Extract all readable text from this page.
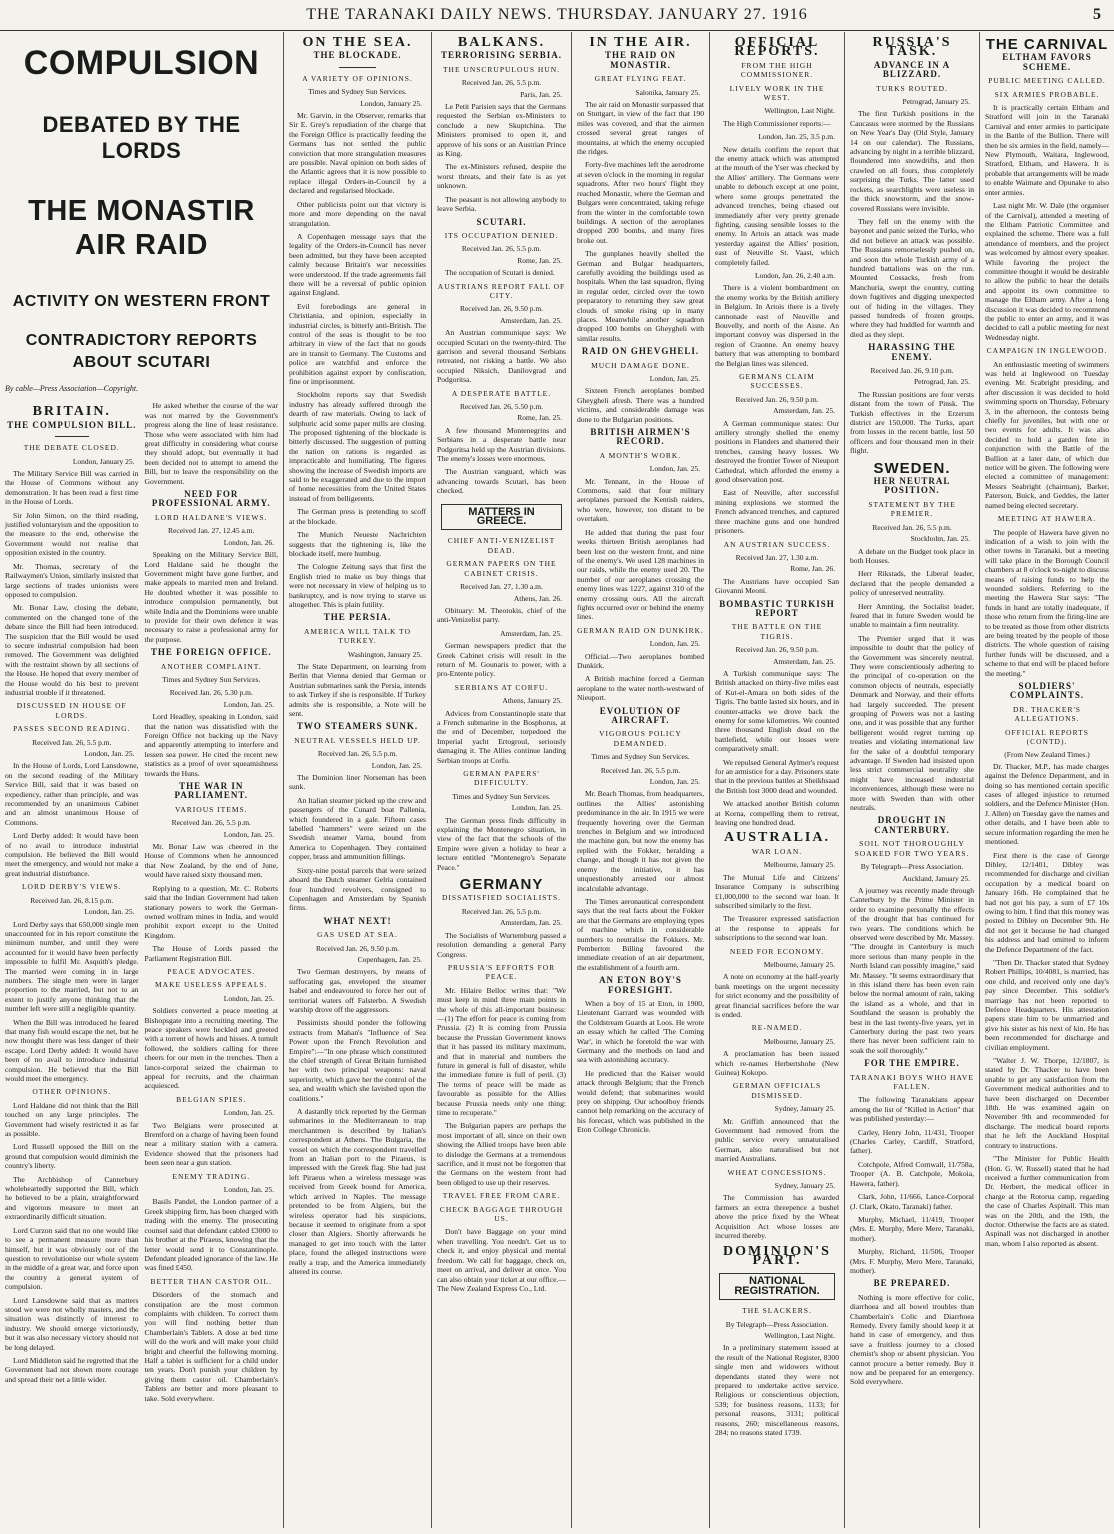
THE TARANAKI DAILY NEWS. THURSDAY. JANUARY 27. 1916	5
COMPULSION
DEBATED BY THE LORDS
THE MONASTIR AIR RAID
ACTIVITY ON WESTERN FRONT
CONTRADICTORY REPORTS ABOUT SCUTARI
By cable—Press Association—Copyright.
BRITAIN.
THE COMPULSION BILL.
THE DEBATE CLOSED.
London, January 25.

The Military Service Bill was carried in the House of Commons without any demonstration. It has been read a first time in the House of Lords.

Sir John Simon, on the third reading, justified voluntaryism and the opposition to the measure to the end, otherwise the Government would not realise that opposition existed in the country.

Mr. Thomas, secretary of the Railwaymen's Union, similarly insisted that large sections of trades unionists were opposed to compulsion.

Mr. Bonar Law, closing the debate, commented on the changed tone of the debate since the Bill had been introduced. The suspicion that the Bill would be used to secure industrial compulsion had been removed. The Government was delighted with the restraint shown by all sections of the House. He hoped that every member of the House would do his best to prevent industrial trouble if it threatened.

DISCUSSED IN HOUSE OF LORDS.
PASSES SECOND READING.
Received Jan. 26, 5.5 p.m.
London, Jan. 25.

In the House of Lords, Lord Lansdowne, on the second reading of the Military Service Bill, said that it was based on expediency, rather than principle, and was recommended by an unanimous Cabinet and an almost unanimous House of Commons.

Lord Derby added: It would have been of no avail to introduce industrial compulsion. He believed the Bill would meet the emergency, and would not make a great industrial disturbance.

LORD DERBY'S VIEWS.
Received Jan. 26, 8.15 p.m.
London, Jan. 25.

Lord Derby says that 650,000 single men unaccounted for in his report constitute the minimum number, and until they were accounted for it would have been perfectly impossible to fulfil Mr. Asquith's pledge. The married were coming in in large numbers. The single men were in larger proportion to the married, but not to an extent to justify anyone thinking that the number left were still a negligible quantity.

When the Bill was introduced he feared that many fish would escape the net, but he now thought there was less danger of their escape. Lord Derby added: It would have been of no avail to introduce industrial compulsion. He believed that the Bill would meet the emergency.

OTHER OPINIONS.

Lord Haldane did not think that the Bill touched on any large principles. The Government had wisely restricted it as far as possible.

Lord Russell opposed the Bill on the ground that compulsion would diminish the country's liberty.

The Archbishop of Canterbury wholeheartedly supported the Bill, which he believed to be a plain, straightforward and vigorous measure to meet an extraordinarily difficult situation.

Lord Curzon said that no one would like to see a permanent measure more than himself, but it was obviously out of the question to revolutionise our whole system in the middle of a great war, and force upon the country a general system of compulsion.

Lord Lansdowne said that as matters stood we were not wholly masters, and the situation was distinctly of interest to industry. We should emerge victoriously, but it was also necessary victory should not be long delayed.

Lord Middleton said he regretted that the Government had not shown more courage and spread their net a little wider.

He asked whether the course of the war was not marred by the Government's progress along the line of least resistance. Those who were associated with him had great difficulty in considering what course they should adopt, but eventually it had been decided not to attempt to amend the Bill, but to leave the responsibility on the Government.

NEED FOR PROFESSIONAL ARMY.
LORD HALDANE'S VIEWS.
Received Jan. 27, 12.45 a.m.
London, Jan. 26.

Speaking on the Military Service Bill, Lord Haldane said he thought the Government might have gone further, and make appeals to married men and Ireland. He doubted whether it was possible to introduce compulsion permanently, but while India and the Dominions were unable to provide for their own defence it was necessary to raise a professional army for the purpose.

THE FOREIGN OFFICE.
ANOTHER COMPLAINT.
Times and Sydney Sun Services.
Received Jan. 26, 5.30 p.m.
London, Jan. 25.

Lord Headley, speaking in London, said that the nation was dissatisfied with the Foreign Office not backing up the Navy and apparently attempting to interfere and lessen sea power. He cited the recent new statistics as a proof of over squeamishness towards the Huns.

THE WAR IN PARLIAMENT.
VARIOUS ITEMS.
Received Jan. 26, 5.5 p.m.
London, Jan. 25.

Mr. Bonar Law was cheered in the House of Commons when he announced that New Zealand, by the end of June, would have raised sixty thousand men.

Replying to a question, Mr. C. Roberts said that the Indian Government had taken stationary powers to work the German-owned wolfram mines in India, and would prohibit export except to the United Kingdom.

The House of Lords passed the Parliament Registration Bill.

PEACE ADVOCATES.
MAKE USELESS APPEALS.
London, Jan. 25.

Soldiers converted a peace meeting at Bishopsgate into a recruiting meeting. The peace speakers were heckled and greeted with a torrent of howls and hisses. A tumult followed, the soldiers calling for three cheers for our men in the trenches. Then a lance-corporal seized the chairman to appeal for recruits, and the chairman acquiesced.

BELGIAN SPIES.
London, Jan. 25.

Two Belgians were prosecuted at Brentford on a charge of having been found near a military station with a camera. Evidence showed that the prisoners had been seen near a gun station.

ENEMY TRADING.
London, Jan. 25.

Basils Pandel, the London partner of a Greek shipping firm, has been charged with trading with the enemy. The prosecuting counsel said that defendant cabled £3000 to his brother at the Piraeus, knowing that the letter would send it to Constantinople. Defendant pleaded ignorance of the law. He was fined £450.

BETTER THAN CASTOR OIL.

Disorders of the stomach and constipation are the most common complaints with children. To correct them you will find nothing better than Chamberlain's Tablets. A dose at bed time will do the work and will make your child bright and cheerful the following morning. Half a tablet is sufficient for a child under ten years. Don't punish your children by giving them castor oil. Chamberlain's Tablets are better and more pleasant to take. Sold everywhere.

ON THE SEA.
THE BLOCKADE.
A VARIETY OF OPINIONS.
Times and Sydney Sun Services.
London, January 25.

Mr. Garvin, in the Observer, remarks that Sir E. Grey's repudiation of the charge that the Foreign Office is practically feeding the Germans has not settled the public conviction that more strangulation measures are possible. Naval opinion on both sides of the Atlantic agrees that it is now possible to replace illegal Orders-in-Council by a declared and regularised blockade.

Other publicists point out that victory is more and more depending on the naval strangulation.

A Copenhagen message says that the legality of the Orders-in-Council has never been admitted, but they have been accepted calmly because Britain's war necessities were understood. If the trade agreements fail there will be a reversal of public opinion against England.

Evil forebodings are general in Christiania, and opinion, especially in industrial circles, is bitterly anti-British. The control of the seas is thought to be too arbitrary in view of the fact that no goods are in transit to Germany. The Customs and police are watchful and enforce the prohibition against export by confiscation, fine or imprisonment.

Stockholm reports say that Swedish industry has already suffered through the dearth of raw materials. Owing to lack of sulphuric acid some paper mills are closing. The proposed tightening of the blockade is bitterly discussed. The suggestion of putting the nation on rations is regarded as impracticable and humiliating. The figures showing the increase of Swedish imports are said to be exaggerated and due to the import of home necessities from the United States instead of from belligerents.

The German press is pretending to scoff at the blockade.

The Munich Neueste Nachrichten suggests that the tightening is, like the blockade itself, mere humbug.

The Cologne Zeitung says that first the English tried to make us buy things that were not necessary in view of helping us to bankruptcy, and is now trying to starve us altogether. This is plain futility.

THE PERSIA.
AMERICA WILL TALK TO TURKEY.
Washington, January 25.

The State Department, on learning from Berlin that Vienna denied that German or Austrian submarines sank the Persia, intends to ask Turkey if she is responsible. If Turkey admits she is responsible, a Note will be sent.

TWO STEAMERS SUNK.
NEUTRAL VESSELS HELD UP.
Received Jan. 26, 5.5 p.m.
London, Jan. 25.

The Dominion liner Norseman has been sunk.

An Italian steamer picked up the crew and passengers of the Cunard boat Pallenia, which foundered in a gale. Fifteen cases labelled "hammers" were seized on the Swedish steamer Varna, bound from America to Copenhagen. They contained copper, brass and ammunition fillings.

Sixty-nine postal parcels that were seized aboard the Dutch steamer Gelria contained four hundred revolvers, consigned to Copenhagen and Amsterdam by Spanish firms.

WHAT NEXT!
GAS USED AT SEA.
Received Jan. 26, 9.50 p.m.
Copenhagen, Jan. 25.

Two German destroyers, by means of suffocating gas, enveloped the steamer Isabel and endeavoured to force her out of territorial waters off Falsterbo. A Swedish warship drove off the aggressors.

Pessimists should ponder the following extracts from Mahan's "Influence of Sea Power upon the French Revolution and Empire":—"In one phrase which constituted the chief strength of Great Britain furnished her with two principal weapons: naval superiority, which gave her the control of the sea, and wealth which she lavished upon the coalitions."

A dastardly trick reported by the German submarines in the Mediterranean to trap merchantmen is described by Italian's correspondent at Athens. The Bulgaria, the vessel on which the correspondent travelled from an Italian port to the Piraeus, is impressed with the Greek flag. She had just left Piraeus when a wireless message was received from Greek bound for America, which arrived in Naples. The message pretended to be from Algiers, but the wireless operator had his suspicions, because it seemed to originate from a spot closer than Algiers. Shortly afterwards he managed to get into touch with the latter place, found the alleged instructions were really a trap, and the America immediately altered its course.

BALKANS.
TERRORISING SERBIA.
THE UNSCRUPULOUS HUN.
Received Jan. 26, 5.5 p.m.
Paris, Jan. 25.

Le Petit Parisien says that the Germans requested the Serbian ex-Ministers to conclude a new Skuptchina. The Ministers promised to open it, and approve of his sons or an Austrian Prince as King.

The ex-Ministers refused, despite the worst threats, and their fate is as yet unknown.

The peasant is not allowing anybody to leave Serbia.

SCUTARI.
ITS OCCUPATION DENIED.
Received Jan. 26, 5.5 p.m.
Rome, Jan. 25.

The occupation of Scutari is denied.

AUSTRIANS REPORT FALL OF CITY.
Received Jan. 26, 9.50 p.m.
Amsterdam, Jan. 25.

An Austrian communique says: We occupied Scutari on the twenty-third. The garrison and several thousand Serbians retreated, not risking a battle. We also occupied Niksich, Danilovgrad and Podgoritsa.

A DESPERATE BATTLE.
Received Jan. 26, 5.50 p.m.
Rome, Jan. 25.

A few thousand Montenegrins and Serbians in a desperate battle near Podgoritsa held up the Austrian divisions. The enemy's losses were enormous.

The Austrian vanguard, which was advancing towards Scutari, has been checked.

MATTERS IN GREECE.
CHIEF ANTI-VENIZELIST DEAD.
GERMAN PAPERS ON THE CABINET CRISIS.
Received Jan. 27, 1.30 a.m.
Athens, Jan. 26.

Obituary: M. Theotokis, chief of the anti-Venizelist party.

Amsterdam, Jan. 25.

German newspapers predict that the Greek Cabinet crisis will result in the return of M. Gounaris to power, with a pro-Entente policy.

SERBIANS AT CORFU.
Athens, January 25.

Advices from Constantinople state that a French submarine in the Bosphorus, at the end of December, torpedoed the Imperial yacht Ertogroul, seriously damaging it. The Allies continue landing Serbian troops at Corfu.

GERMAN PAPERS' DIFFICULTY.
Times and Sydney Sun Services.
London, Jan. 25.

The German press finds difficulty in explaining the Montenegro situation, in view of the fact that the schools of the Empire were given a holiday to hear a lecture entitled "Montenegro's Separate Peace."

GERMANY
DISSATISFIED SOCIALISTS.
Received Jan. 26, 5.5 p.m.
Amsterdam, Jan. 25.

The Socialists of Wurtemburg passed a resolution demanding a general Party Congress.

PRUSSIA'S EFFORTS FOR PEACE.

Mr. Hilaire Belloc writes that: "We must keep in mind three main points in the whole of this all-important business:—(1) The effort for peace is coming from Prussia. (2) It is coming from Prussia because the Prussian Government knows that it has passed its military maximum, and that in material and numbers the future in general is full of disaster, while the immediate future is full of peril. (3) The terms of peace will be made as favourable as possible for the Allies because Prussia needs only one thing: time to recuperate."

The Bulgarian papers are perhaps the most important of all, since on their own showing the Allied troops have been able to dislodge the Germans at a tremendous sacrifice, and it must not be forgotten that the Germans on the western front had been obliged to use up their reserves.

TRAVEL FREE FROM CARE.
CHECK BAGGAGE THROUGH US.

Don't have Baggage on your mind when travelling. You needn't. Get us to check it, and enjoy physical and mental freedom. We call for baggage, check on, meet on arrival, and deliver at once. You can also obtain your ticket at our office.—The New Zealand Express Co., Ltd.

IN THE AIR.
THE RAID ON MONASTIR.
GREAT FLYING FEAT.
Salonika, January 25.

The air raid on Monastir surpassed that on Stuttgart, in view of the fact that 190 miles was covered, and that the airmen crossed several great ranges of mountains, at which the enemy occupied the ridges.

Forty-five machines left the aerodrome at seven o'clock in the morning in regular squadrons. After two hours' flight they reached Monastir, where the German and Bulgars were concentrated, taking refuge from the winter in the comfortable town buildings. A section of the aeroplanes dropped 200 bombs, and many fires broke out.

The gunplanes heavily shelled the German and Bulgar headquarters, carefully avoiding the buildings used as hospitals. When the last squadron, flying in regular order, circled over the town preparatory to returning they saw great clouds of smoke rising up in many places. Meanwhile another squadron dropped 100 bombs on Gheygheli with similar results.

RAID ON GHEVGHELI.
MUCH DAMAGE DONE.
London, Jan. 25.

Sixteen French aeroplanes bombed Gheygheli afresh. There was a hundred victims, and considerable damage was done to the Bulgarian positions.

BRITISH AIRMEN'S RECORD.
A MONTH'S WORK.
London, Jan. 25.

Mr. Tennant, in the House of Commons, said that four military aeroplanes pursued the Kentish raiders, who were, however, too distant to be overtaken.

He added that during the past four weeks thirteen British aeroplanes had been lost on the western front, and nine of the enemy's. We used 128 machines in our raids, while the enemy used 20. The number of our aeroplanes crossing the enemy lines was 1227, against 310 of the enemy crossing ours. All the aircraft fights occurred over or behind the enemy lines.

GERMAN RAID ON DUNKIRK.
London, Jan. 25.

Official.—Two aeroplanes bombed Dunkirk.

A British machine forced a German aeroplane to the water north-westward of Nieuport.

EVOLUTION OF AIRCRAFT.
VIGOROUS POLICY DEMANDED.
Times and Sydney Sun Services.
Received Jan. 26, 5.5 p.m.
London, Jan. 25.

Mr. Beach Thomas, from headquarters, outlines the Allies' astonishing predominance in the air. In 1915 we were frequently hovering over the German trenches in Belgium and we introduced the machine gun, but now the enemy has replied with the Fokker, heralding a change, and though it has not given the enemy the initiative, it has unquestionably arrested our almost incalculable advantage.

The Times aeronautical correspondent says that the real facts about the Fokker are that the Germans are employing types of machine which in considerable numbers to neutralise the Fokkers. Mr. Pemberton Billing favoured the immediate creation of an air department, the establishment of a fourth arm.

AN ETON BOY'S FORESIGHT.

When a boy of 15 at Eton, in 1900, Lieutenant Garrard was wounded with the Coldstream Guards at Loos. He wrote an essay which he called 'The Coming War', in which he foretold the war with Germany and the methods on land and sea with astonishing accuracy.

He predicted that the Kaiser would attack through Belgium; that the French would defend; that submarines would prey on shipping. Our schoolboy friends cannot help remarking on the accuracy of his forecast, which was published in the Eton College Chronicle.

OFFICIAL REPORTS.
FROM THE HIGH COMMISSIONER.
LIVELY WORK IN THE WEST.
Wellington, Last Night.

The High Commissioner reports:—

London, Jan. 25, 3.5 p.m.

New details confirm the report that the enemy attack which was attempted at the mouth of the Yser was checked by the Allies' artillery. The Germans were unable to debouch except at one point, where some groups penetrated the advanced trenches, being chased out immediately after very pretty grenade fighting, causing sensible losses to the enemy. In Artois an attack was made yesterday against the Allies' position, east of Neuville St. Vaast, which completely failed.

London, Jan. 26, 2.40 a.m.

There is a violent bombardment on the enemy works by the British artillery in Belgium. In Artois there is a lively cannonade east of Neuville and Bouvelly, and north of the Aisne. An important convoy was dispersed in the region of Craonne. An enemy heavy battery that was attempting to bombard the Belgian lines was silenced.

GERMANS CLAIM SUCCESSES.
Received Jan. 26, 9.50 p.m.
Amsterdam, Jan. 25.

A German communique states: Our artillery strongly shelled the enemy positions in Flanders and shattered their trenches, causing heavy losses. We destroyed the frontier Tower of Nieuport Cathedral, which afforded the enemy a good observation post.

East of Neuville, after successful mining explosions we stormed the French advanced trenches, and captured three machine guns and one hundred prisoners.

AN AUSTRIAN SUCCESS.
Received Jan. 27, 1.30 a.m.
Rome, Jan. 26.

The Austrians have occupied San Giovanni Meoni.

BOMBASTIC TURKISH REPORT
THE BATTLE ON THE TIGRIS.
Received Jan. 26, 9.50 p.m.
Amsterdam, Jan. 25.

A Turkish communique says: The British attacked on thirty-five miles east of Kut-el-Amara on both sides of the Tigris. The battle lasted six hours, and in counter-attacks we drove back the enemy for some kilometres. We counted three thousand English dead on the battlefield, while our losses were comparatively small.

We repulsed General Aylmer's request for an armistice for a day. Prisoners state that in the previous battles at Sheikhsaad the British lost 3000 dead and wounded.

We attacked another British column at Korna, compelling them to retreat, leaving one hundred dead.

AUSTRALIA.
WAR LOAN.
Melbourne, January 25.

The Mutual Life and Citizens' Insurance Company is subscribing £1,000,000 to the second war loan. It subscribed similarly to the first.

The Treasurer expressed satisfaction at the response to appeals for subscriptions to the second war loan.

NEED FOR ECONOMY.
Melbourne, January 25.

A note on economy at the half-yearly bank meetings on the urgent necessity for strict economy and the possibility of great financial sacrifices before the war is ended.

RE-NAMED.
Melbourne, January 25.

A proclamation has been issued which re-names Herbertshohe (New Guinea) Kokopo.

GERMAN OFFICIALS DISMISSED.
Sydney, January 25.

Mr. Griffith announced that the Government had removed from the public service every unnaturalised German, also naturalised but not married Australians.

WHEAT CONCESSIONS.
Sydney, January 25.

The Commission has awarded farmers an extra threepence a bushel above the price fixed by the Wheat Acquisition Act whose losses are incurred thereby.

DOMINION'S PART.
NATIONAL REGISTRATION.
THE SLACKERS.
By Telegraph—Press Association.
Wellington, Last Night.

In a preliminary statement issued at the result of the National Register, 8300 single men and widowers without dependants stated they were not prepared to undertake active service. Religious or conscientious objection, 539; for business reasons, 1133; for personal reasons, 3131; political reasons, 260; miscellaneous reasons, 284; no reasons stated 1739.

RUSSIA'S TASK.
ADVANCE IN A BLIZZARD.
TURKS ROUTED.
Petrograd, January 25.

The first Turkish positions in the Caucasus were stormed by the Russians on New Year's Day (Old Style, January 14 on our calendar). The Russians, advancing by night in a terrible blizzard, floundered into snowdrifts, and then crawled on all fours, thus completely surprising the Turks. The latter used rockets, as searchlights were useless in the thick snowstorm, and the snow-covered Russians were invisible.

They fell on the enemy with the bayonet and panic seized the Turks, who did not believe an attack was possible. The Russians remorselessly pushed on, and soon the whole Turkish army of a hundred battalions was on the run. Mounted Cossacks, fresh from Manchuria, swept the country, cutting down fugitives and digging unexpected out of hiding in the villages. They passed hundreds of frozen groups, where they had huddled for warmth and died as they slept.

HARASSING THE ENEMY.
Received Jan. 26, 9.10 p.m.
Petrograd, Jan. 25.

The Russian positions are four versts distant from the town of Pinsk. The Turkish effectives in the Erzerum district are 150,000. The Turks, apart from losses in the recent battle, lost 50 officers and four thousand men in their flight.

SWEDEN.
HER NEUTRAL POSITION.
STATEMENT BY THE PREMIER.
Received Jan. 26, 5.5 p.m.
Stockholm, Jan. 25.

A debate on the Budget took place in both Houses.

Herr Rikstads, the Liberal leader, declared that the people demanded a policy of unreserved neutrality.

Herr Amnting, the Socialist leader, feared that in future Sweden would be unable to maintain a firm neutrality.

The Premier urged that it was impossible to doubt that the policy of the Government was sincerely neutral. They were conscientiously adhering to the principal of co-operation on the common objects of neutrals, especially Denmark and Norway, and their efforts had largely succeeded. The present grouping of Powers was not a lasting one, and it was possible that any further belligerent would regret turning up treaties and violating international law for the sake of a doubtful temporary advantage. If Sweden had insisted upon less strict commercial neutrality she might have increased industrial inconveniences, although these were no more with Sweden than with other neutrals.

DROUGHT IN CANTERBURY.
SOIL NOT THOROUGHLY SOAKED FOR TWO YEARS.
By Telegraph—Press Association.
Auckland, January 25.

A journey was recently made through Canterbury by the Prime Minister in order to examine personally the effects of the drought that has continued for two years. The conditions which he observed were described by Mr. Massey. "The drought in Canterbury is much more serious than many people in the North Island can possibly imagine," said Mr. Massey. "It seems extraordinary that in this island there has been even rain below the normal amount of rain, taking the island as a whole, and that in Southland the season is probably the best in the last twenty-five years, yet in Canterbury during the past two years there has never been sufficient rain to soak the soil thoroughly."

FOR THE EMPIRE.
TARANAKI BOYS WHO HAVE FALLEN.

The following Taranakians appear among the list of "Killed in Action" that was published yesterday:—

Carley, Henry John, 11/431, Trooper (Charles Carley, Cardiff, Stratford, father).

Cotchpole, Alfred Cornwall, 11/758a, Trooper (A. B. Catchpole, Mokoia, Hawera, father).

Clark, John, 11/666, Lance-Corporal (J. Clark, Okato, Taranaki) father.

Murphy, Michael, 11/419, Trooper (Mrs. E. Murphy, Mere Mere, Taranaki, mother).

Murphy, Richard, 11/506, Trooper (Mrs. F. Murphy, Mero Mere, Taranaki, mother).

BE PREPARED.

Nothing is more effective for colic, diarrhoea and all bowel troubles than Chamberlain's Colic and Diarrhoea Remedy. Every family should keep it at hand in case of emergency, and thus save a fruitless journey to a closed chemist's shop or absent physician. You cannot procure a better remedy. Buy it now and be prepared for an emergency. Sold everywhere.

THE CARNIVAL
ELTHAM FAVORS SCHEME.
PUBLIC MEETING CALLED.
SIX ARMIES PROBABLE.

It is practically certain Eltham and Stratford will join in the Taranaki Carnival and enter armies to participate in the Battle of the Bullion. There will then be six armies in the field, namely—New Plymouth, Waitara, Inglewood, Stratford, Eltham, and Hawera. It is probable that arrangements will be made to enable Waimate and Opunake to also enter armies.

Last night Mr. W. Dale (the organiser of the Carnival), attended a meeting of the Eltham Patriotic Committee and explained the scheme. There was a full attendance of members, and the project was welcomed by almost every speaker. While favoring the project the committee thought it would be desirable to allow the public to hear the details and appoint its own committee to manage the Eltham army. After a long discussion it was decided to recommend the public to enter an army, and it was decided to call a public meeting for next Wednesday night.

CAMPAIGN IN INGLEWOOD.

An enthusiastic meeting of swimmers was held at Inglewood on Tuesday evening. Mr. Scabright presiding, and after discussion it was decided to hold swimming sports on Thursday, February 3, in the afternoon, the contests being chiefly for juveniles, but with one or two events for adults. It was also decided to hold a garden fete in conjunction with the Battle of the Bullion at a later date, of which due notice will be given. The following were elected a committee of management: Messrs Seabright (chairman), Barker, Paterson, Buick, and Geddes, the latter named being elected secretary.

MEETING AT HAWERA.

The people of Hawera have given no indication of a wish to join with the other towns in Taranaki, but a meeting will take place in the Borough Council chambers at 8 o'clock to-night to discuss means of raising funds to help the wounded soldiers. Referring to the meeting the Hawera Star says: "The funds in hand are totally inadequate, if those who return from the firing-line are to be treated as those from other districts are being treated by the people of those districts. The whole question of raising further funds will be discussed, and a scheme to that end will be placed before the meeting."

SOLDIERS' COMPLAINTS.
DR. THACKER'S ALLEGATIONS.
OFFICIAL REPORTS (CONTD).
(From New Zealand Times.)

Dr. Thacker, M.P., has made charges against the Defence Department, and in doing so has mentioned certain specific cases of alleged injustice to returned soldiers, and the Defence Minister (Hon. J. Allen) on Tuesday gave the names and other details, and I have been able to secure information regarding the men he mentioned.

First there is the case of George Dibley, 12/1401, Dibley was recommended for discharge and civilian occupation by a medical board on January 16th. He complained that he had not got his pay, a sum of £7 10s owing to him. I find that this money was posted to Dibley on December 9th. He did not get it because he had changed his address and had omitted to inform the Defence Department of the fact.

"Then Dr. Thacker stated that Sydney Robert Phillips, 10/4081, is married, has one child, and received only one day's pay since December. This soldier's marriage has not been reported to Defence Headquarters. His attestation papers state him to be unmarried and give his sister as his next of kin. He has been recommended for discharge and civilian employment.

"Walter J. W. Thorpe, 12/1807, is stated by Dr. Thacker to have been unable to get any satisfaction from the Government medical authorities and to have been discharged on December 18th. He was examined again on November 9th and recommended for discharge. The medical board reports that he left the Auckland Hospital contrary to instructions.

"The Minister for Public Health (Hon. G. W. Russell) stated that he had received a further communication from Dr. Herbert, the medical officer in charge at the Rotorua camp, regarding the case of Charles Aspinall. This man was on the 20th, and the 19th, the doctor. Otherwise the facts are as stated. Aspinall was not discharged in another man, whom I also reported as absent.
